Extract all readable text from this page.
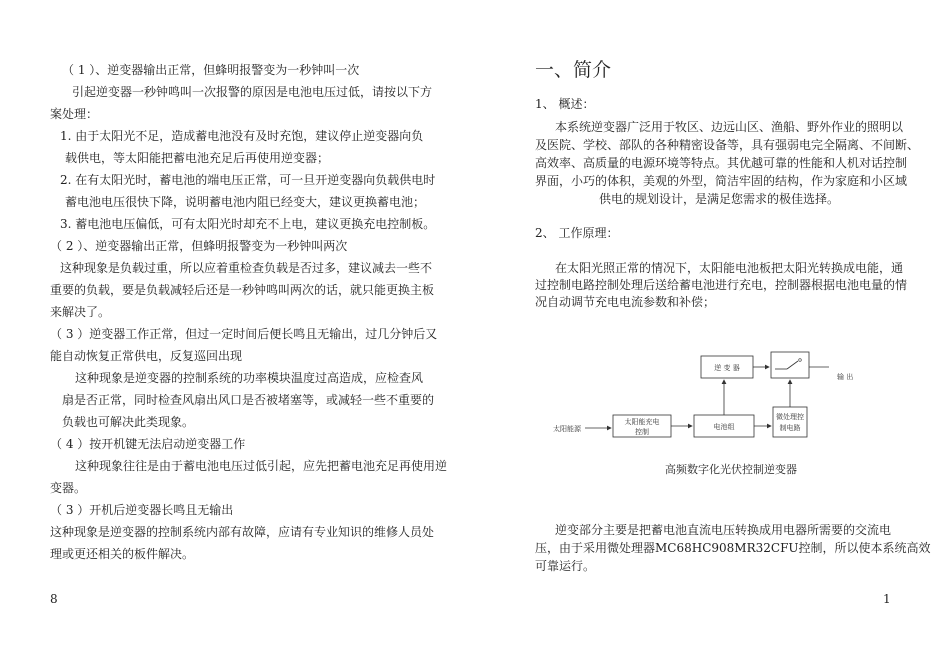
（ 1 ）、逆变器输出正常，但蜂明报警变为一秒钟叫一次
引起逆变器一秒钟鸣叫一次报警的原因是电池电压过低，请按以下方
案处理：
1. 由于太阳光不足，造成蓄电池没有及时充饱，建议停止逆变器向负
载供电，等太阳能把蓄电池充足后再使用逆变器；
2. 在有太阳光时，蓄电池的端电压正常，可一旦开逆变器向负载供电时
蓄电池电压很快下降，说明蓄电池内阻已经变大，建议更换蓄电池；
3. 蓄电池电压偏低，可有太阳光时却充不上电，建议更换充电控制板。
（ 2 ）、逆变器输出正常，但蜂明报警变为一秒钟叫两次
这种现象是负载过重，所以应着重检查负载是否过多，建议减去一些不
重要的负载，要是负载减轻后还是一秒钟鸣叫两次的话，就只能更换主板
来解决了。
（ 3 ）逆变器工作正常，但过一定时间后便长鸣且无输出，过几分钟后又
能自动恢复正常供电，反复巡回出现
这种现象是逆变器的控制系统的功率模块温度过高造成，应检查风
扇是否正常，同时检查风扇出风口是否被堵塞等，或减轻一些不重要的
负载也可解决此类现象。
（ 4 ）按开机键无法启动逆变器工作
这种现象往往是由于蓄电池电压过低引起，应先把蓄电池充足再使用逆
变器。
（ 3 ）开机后逆变器长鸣且无输出
这种现象是逆变器的控制系统内部有故障，应请有专业知识的维修人员处
理或更还相关的板件解决。
8
一、简介
1、 概述：
本系统逆变器广泛用于牧区、边远山区、渔船、野外作业的照明以
及医院、学校、部队的各种精密设备等，具有强弱电完全隔离、不间断、
高效率、高质量的电源环境等特点。其优越可靠的性能和人机对话控制
界面，小巧的体积，美观的外型，简洁牢固的结构，作为家庭和小区域
供电的规划设计，是满足您需求的极佳选择。
2、 工作原理：
在太阳光照正常的情况下，太阳能电池板把太阳光转换成电能，通
过控制电路控制处理后送给蓄电池进行充电，控制器根据电池电量的情
况自动调节充电电流参数和补偿；
太阳能源
太阳能充电
控制
电池组
逆 变 器
输 出
微处理控
制电路
高频数字化光伏控制逆变器
逆变部分主要是把蓄电池直流电压转换成用电器所需要的交流电
压，由于采用微处理器MC68HC908MR32CFU控制，所以使本系统高效
可靠运行。
1
